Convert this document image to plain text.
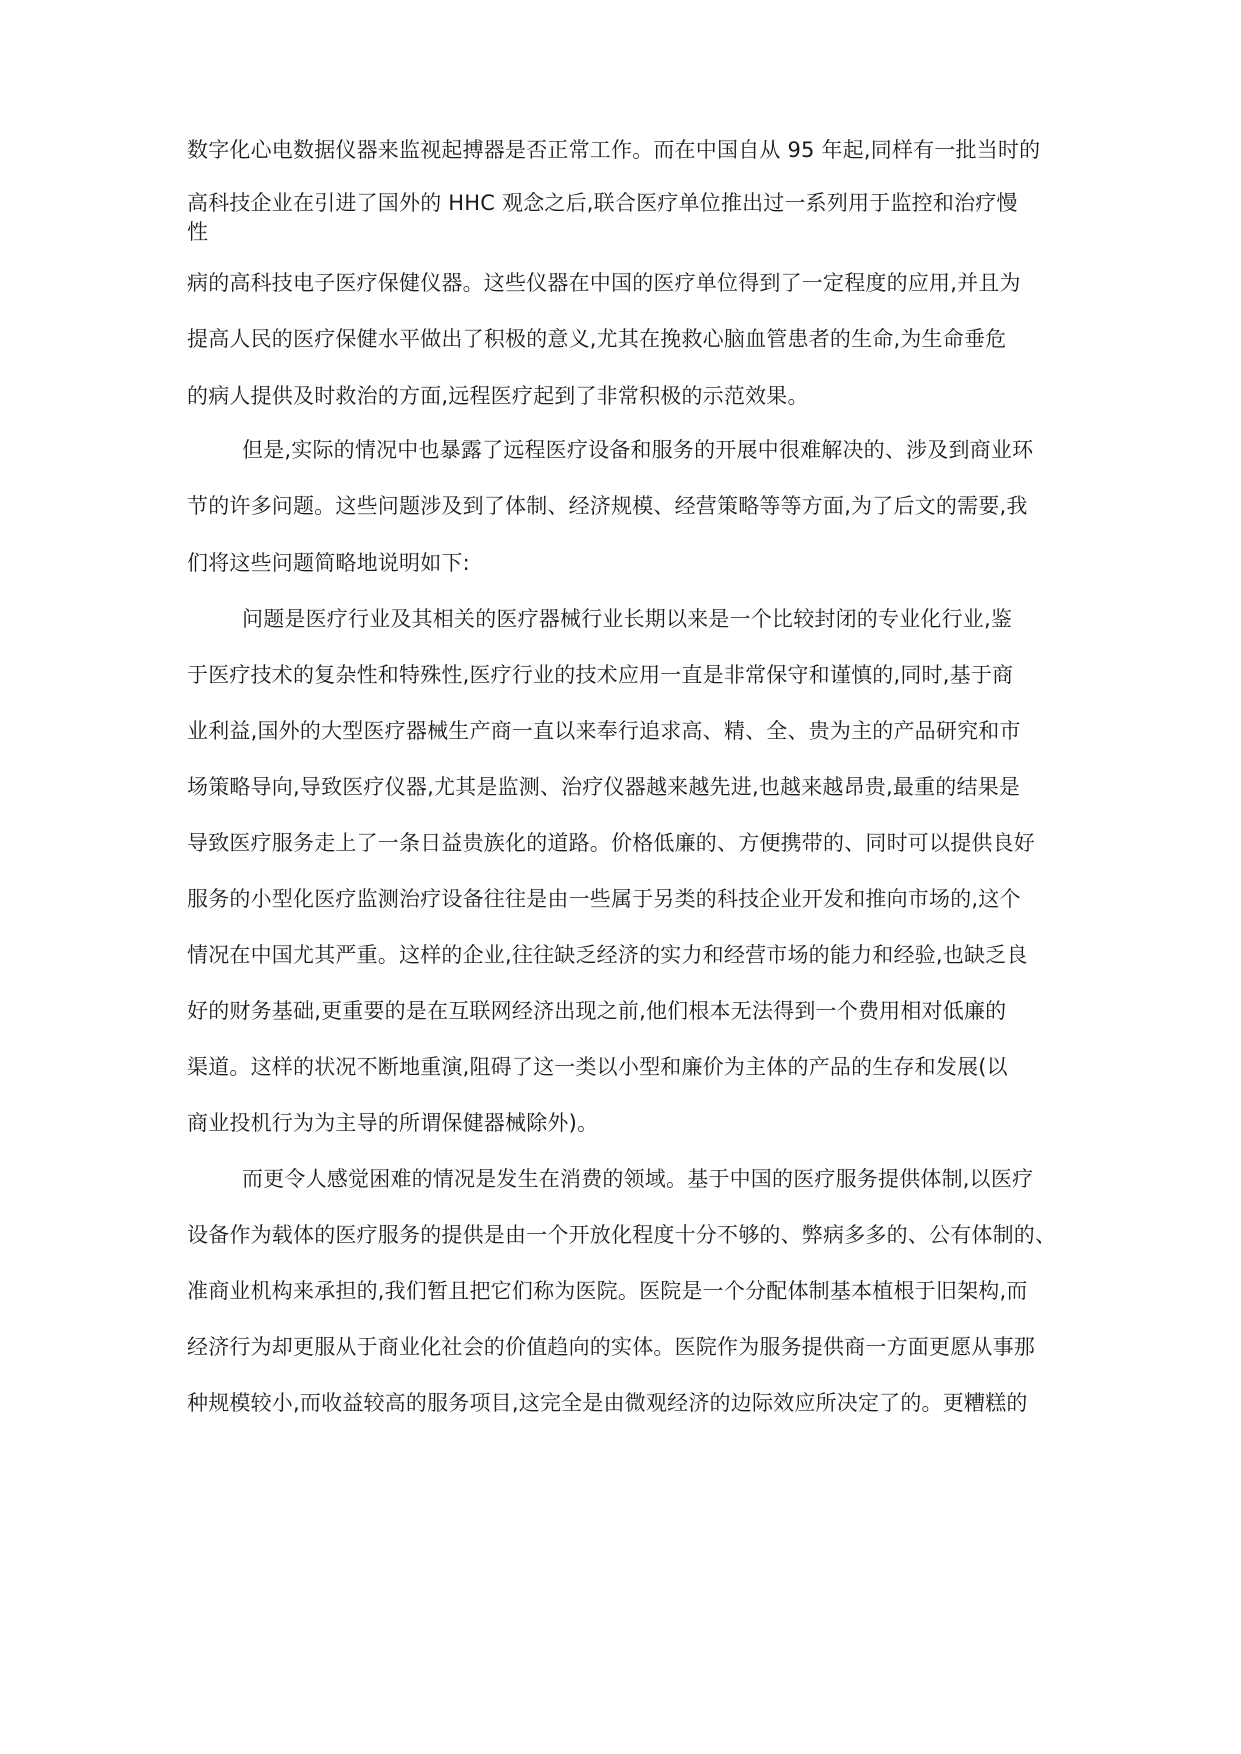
数字化心电数据仪器来监视起搏器是否正常工作。而在中国自从 95 年起,同样有一批当时的
高科技企业在引进了国外的 HHC 观念之后,联合医疗单位推出过一系列用于监控和治疗慢
性
病的高科技电子医疗保健仪器。这些仪器在中国的医疗单位得到了一定程度的应用,并且为
提高人民的医疗保健水平做出了积极的意义,尤其在挽救心脑血管患者的生命,为生命垂危
的病人提供及时救治的方面,远程医疗起到了非常积极的示范效果。
但是,实际的情况中也暴露了远程医疗设备和服务的开展中很难解决的、涉及到商业环
节的许多问题。这些问题涉及到了体制、经济规模、经营策略等等方面,为了后文的需要,我
们将这些问题简略地说明如下:
问题是医疗行业及其相关的医疗器械行业长期以来是一个比较封闭的专业化行业,鉴
于医疗技术的复杂性和特殊性,医疗行业的技术应用一直是非常保守和谨慎的,同时,基于商
业利益,国外的大型医疗器械生产商一直以来奉行追求高、精、全、贵为主的产品研究和市
场策略导向,导致医疗仪器,尤其是监测、治疗仪器越来越先进,也越来越昂贵,最重的结果是
导致医疗服务走上了一条日益贵族化的道路。价格低廉的、方便携带的、同时可以提供良好
服务的小型化医疗监测治疗设备往往是由一些属于另类的科技企业开发和推向市场的,这个
情况在中国尤其严重。这样的企业,往往缺乏经济的实力和经营市场的能力和经验,也缺乏良
好的财务基础,更重要的是在互联网经济出现之前,他们根本无法得到一个费用相对低廉的
渠道。这样的状况不断地重演,阻碍了这一类以小型和廉价为主体的产品的生存和发展(以
商业投机行为为主导的所谓保健器械除外)。
而更令人感觉困难的情况是发生在消费的领域。基于中国的医疗服务提供体制,以医疗
设备作为载体的医疗服务的提供是由一个开放化程度十分不够的、弊病多多的、公有体制的、
准商业机构来承担的,我们暂且把它们称为医院。医院是一个分配体制基本植根于旧架构,而
经济行为却更服从于商业化社会的价值趋向的实体。医院作为服务提供商一方面更愿从事那
种规模较小,而收益较高的服务项目,这完全是由微观经济的边际效应所决定了的。更糟糕的
